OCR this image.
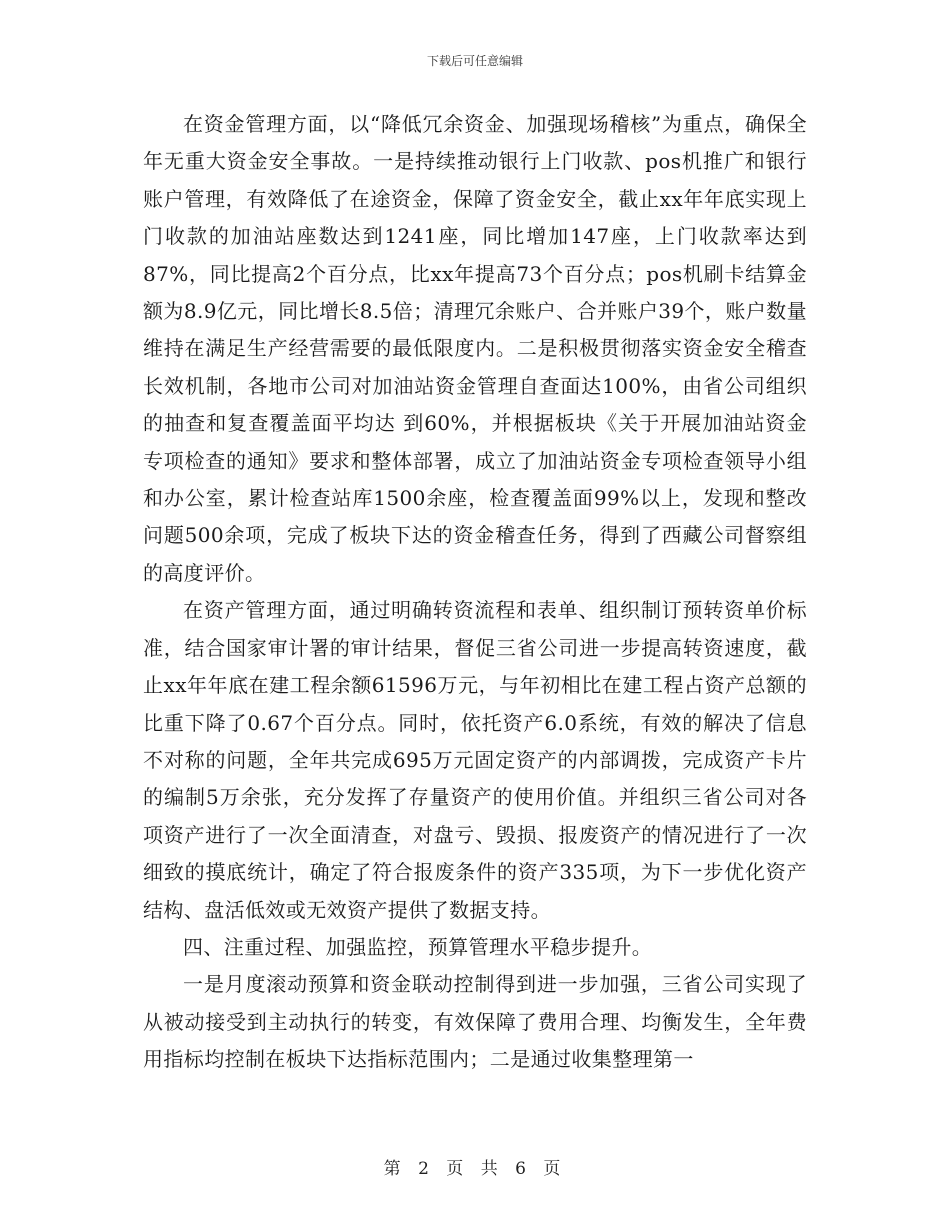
下载后可任意编辑

在资金管理方面，以“降低冗余资金、加强现场稽核”为重点，确保全年无重大资金安全事故。一是持续推动银行上门收款、pos机推广和银行账户管理，有效降低了在途资金，保障了资金安全，截止xx年年底实现上门收款的加油站座数达到1241座，同比增加147座，上门收款率达到87%，同比提高2个百分点，比xx年提高73个百分点；pos机刷卡结算金额为8.9亿元，同比增长8.5倍；清理冗余账户、合并账户39个，账户数量维持在满足生产经营需要的最低限度内。二是积极贯彻落实资金安全稽查长效机制，各地市公司对加油站资金管理自查面达100%，由省公司组织的抽查和复查覆盖面平均达 到60%，并根据板块《关于开展加油站资金专项检查的通知》要求和整体部署，成立了加油站资金专项检查领导小组和办公室，累计检查站库1500余座，检查覆盖面99%以上，发现和整改问题500余项，完成了板块下达的资金稽查任务，得到了西藏公司督察组的高度评价。

在资产管理方面，通过明确转资流程和表单、组织制订预转资单价标准，结合国家审计署的审计结果，督促三省公司进一步提高转资速度，截止xx年年底在建工程余额61596万元，与年初相比在建工程占资产总额的比重下降了0.67个百分点。同时，依托资产6.0系统，有效的解决了信息不对称的问题，全年共完成695万元固定资产的内部调拨，完成资产卡片的编制5万余张，充分发挥了存量资产的使用价值。并组织三省公司对各项资产进行了一次全面清查，对盘亏、毁损、报废资产的情况进行了一次细致的摸底统计，确定了符合报废条件的资产335项，为下一步优化资产结构、盘活低效或无效资产提供了数据支持。

四、注重过程、加强监控，预算管理水平稳步提升。

一是月度滚动预算和资金联动控制得到进一步加强，三省公司实现了从被动接受到主动执行的转变，有效保障了费用合理、均衡发生，全年费用指标均控制在板块下达指标范围内；二是通过收集整理第一

第 2 页 共 6 页
